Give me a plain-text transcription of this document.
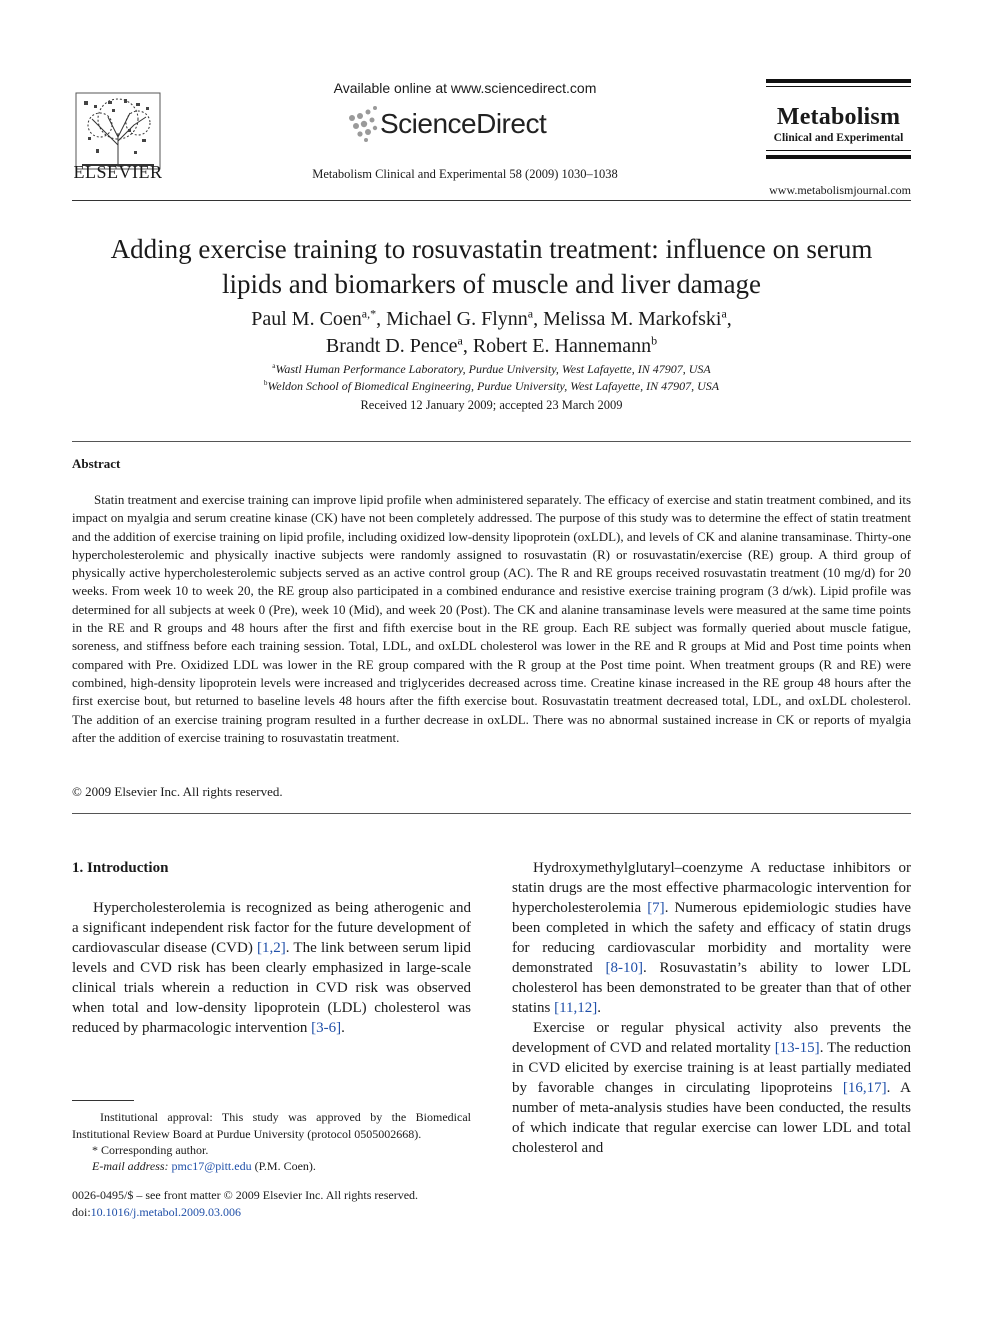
ELSEVIER
Available online at www.sciencedirect.com
ScienceDirect
Metabolism Clinical and Experimental 58 (2009) 1030–1038
Metabolism
Clinical and Experimental
www.metabolismjournal.com
Adding exercise training to rosuvastatin treatment: influence on serum
lipids and biomarkers of muscle and liver damage
Paul M. Coen$^{a,*}$, Michael G. Flynn$^a$, Melissa M. Markofski$^a$,
Brandt D. Pence$^a$, Robert E. Hannemann$^b$
$^a$Wastl Human Performance Laboratory, Purdue University, West Lafayette, IN 47907, USA
$^b$Weldon School of Biomedical Engineering, Purdue University, West Lafayette, IN 47907, USA
Received 12 January 2009; accepted 23 March 2009
Abstract
Statin treatment and exercise training can improve lipid profile when administered separately. The efficacy of exercise and statin treatment combined, and its impact on myalgia and serum creatine kinase (CK) have not been completely addressed. The purpose of this study was to determine the effect of statin treatment and the addition of exercise training on lipid profile, including oxidized low-density lipoprotein (oxLDL), and levels of CK and alanine transaminase. Thirty-one hypercholesterolemic and physically inactive subjects were randomly assigned to rosuvastatin (R) or rosuvastatin/exercise (RE) group. A third group of physically active hypercholesterolemic subjects served as an active control group (AC). The R and RE groups received rosuvastatin treatment (10 mg/d) for 20 weeks. From week 10 to week 20, the RE group also participated in a combined endurance and resistive exercise training program (3 d/wk). Lipid profile was determined for all subjects at week 0 (Pre), week 10 (Mid), and week 20 (Post). The CK and alanine transaminase levels were measured at the same time points in the RE and R groups and 48 hours after the first and fifth exercise bout in the RE group. Each RE subject was formally queried about muscle fatigue, soreness, and stiffness before each training session. Total, LDL, and oxLDL cholesterol was lower in the RE and R groups at Mid and Post time points when compared with Pre. Oxidized LDL was lower in the RE group compared with the R group at the Post time point. When treatment groups (R and RE) were combined, high-density lipoprotein levels were increased and triglycerides decreased across time. Creatine kinase increased in the RE group 48 hours after the first exercise bout, but returned to baseline levels 48 hours after the fifth exercise bout. Rosuvastatin treatment decreased total, LDL, and oxLDL cholesterol. The addition of an exercise training program resulted in a further decrease in oxLDL. There was no abnormal sustained increase in CK or reports of myalgia after the addition of exercise training to rosuvastatin treatment.
© 2009 Elsevier Inc. All rights reserved.

1. Introduction

Hypercholesterolemia is recognized as being atherogenic and a significant independent risk factor for the future development of cardiovascular disease (CVD) [1,2]. The link between serum lipid levels and CVD risk has been clearly emphasized in large-scale clinical trials wherein a reduction in CVD risk was observed when total and low-density lipoprotein (LDL) cholesterol was reduced by pharmacologic intervention [3-6].

Hydroxymethylglutaryl–coenzyme A reductase inhibitors or statin drugs are the most effective pharmacologic intervention for hypercholesterolemia [7]. Numerous epidemiologic studies have been completed in which the safety and efficacy of statin drugs for reducing cardiovascular morbidity and mortality were demonstrated [8-10]. Rosuvastatin’s ability to lower LDL cholesterol has been demonstrated to be greater than that of other statins [11,12].

Exercise or regular physical activity also prevents the development of CVD and related mortality [13-15]. The reduction in CVD elicited by exercise training is at least partially mediated by favorable changes in circulating lipoproteins [16,17]. A number of meta-analysis studies have been conducted, the results of which indicate that regular exercise can lower LDL and total cholesterol and

Institutional approval: This study was approved by the Biomedical Institutional Review Board at Purdue University (protocol 0505002668).
* Corresponding author.
E-mail address: pmc17@pitt.edu (P.M. Coen).
0026-0495/$ – see front matter © 2009 Elsevier Inc. All rights reserved.
doi:10.1016/j.metabol.2009.03.006
